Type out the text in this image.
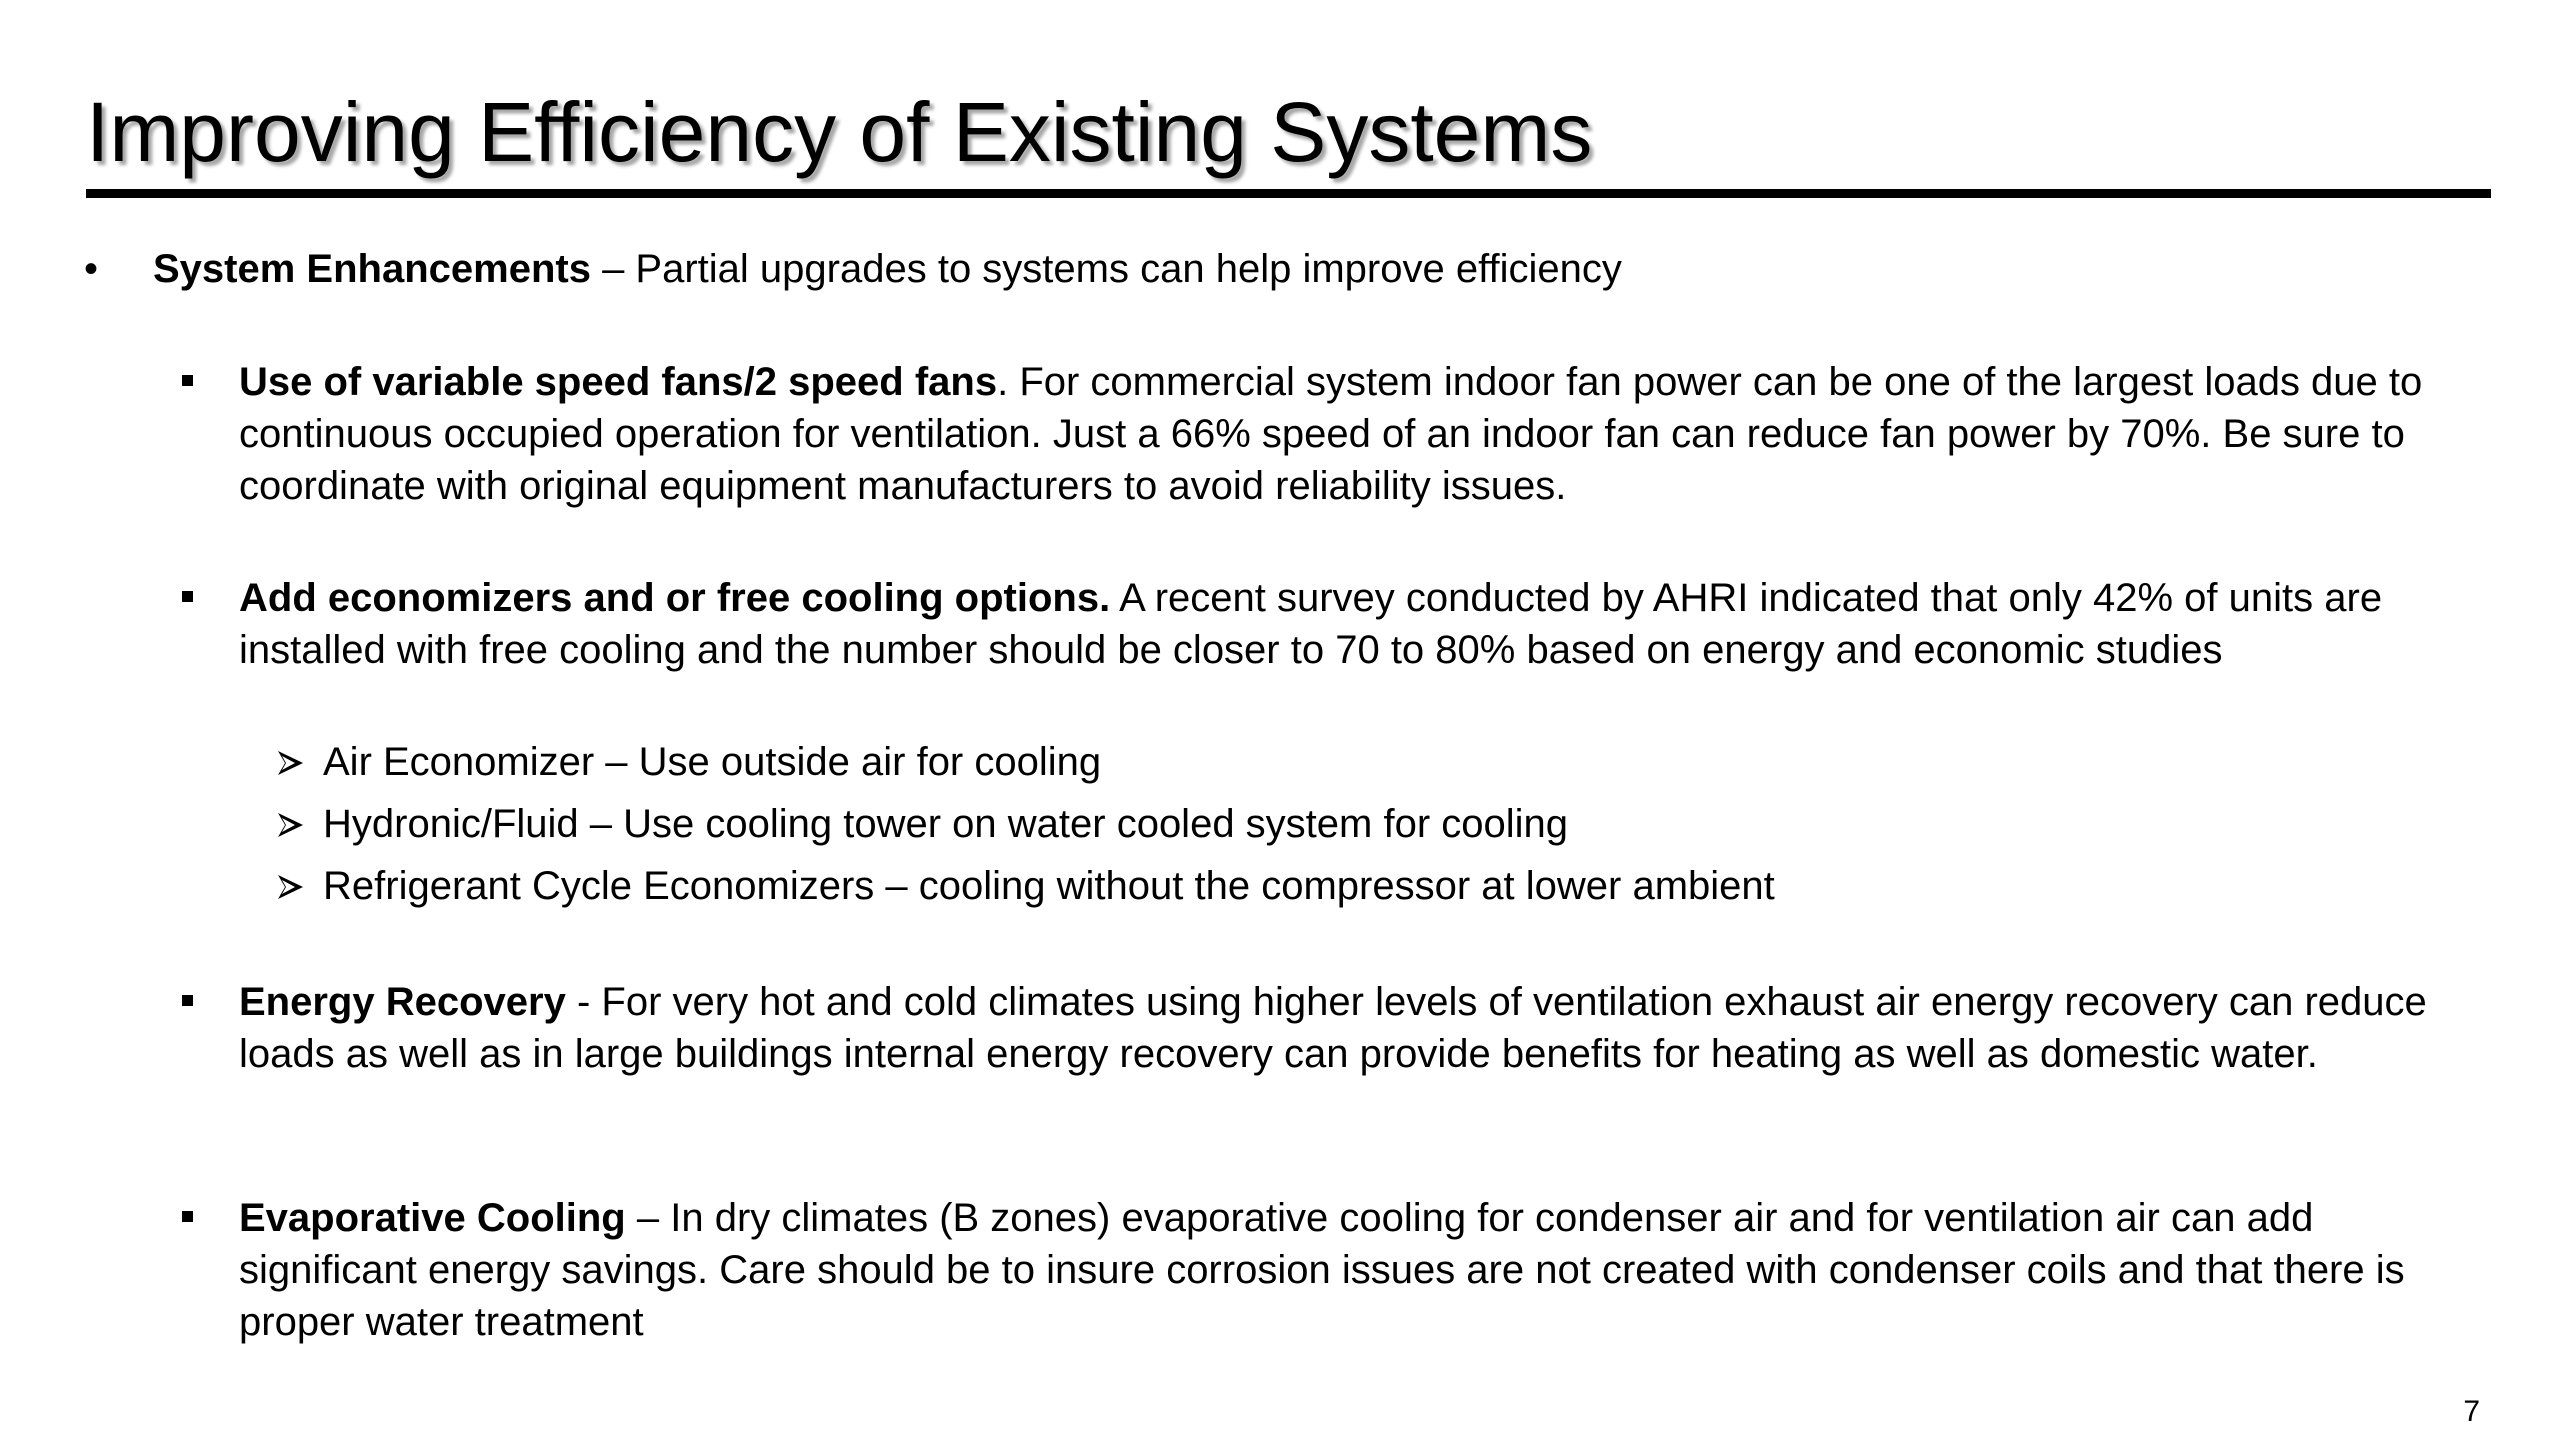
Improving Efficiency of Existing Systems
• System Enhancements – Partial upgrades to systems can help improve efficiency
Use of variable speed fans/2 speed fans. For commercial system indoor fan power can be one of the largest loads due to continuous occupied operation for ventilation. Just a 66% speed of an indoor fan can reduce fan power by 70%. Be sure to coordinate with original equipment manufacturers to avoid reliability issues.
Add economizers and or free cooling options. A recent survey conducted by AHRI indicated that only 42% of units are installed with free cooling and the number should be closer to 70 to 80% based on energy and economic studies
Air Economizer – Use outside air for cooling
Hydronic/Fluid – Use cooling tower on water cooled system for cooling
Refrigerant Cycle Economizers – cooling without the compressor at lower ambient
Energy Recovery - For very hot and cold climates using higher levels of ventilation exhaust air energy recovery can reduce loads as well as in large buildings internal energy recovery can provide benefits for heating as well as domestic water.
Evaporative Cooling – In dry climates (B zones) evaporative cooling for condenser air and for ventilation air can add significant energy savings. Care should be to insure corrosion issues are not created with condenser coils and that there is proper water treatment
7
